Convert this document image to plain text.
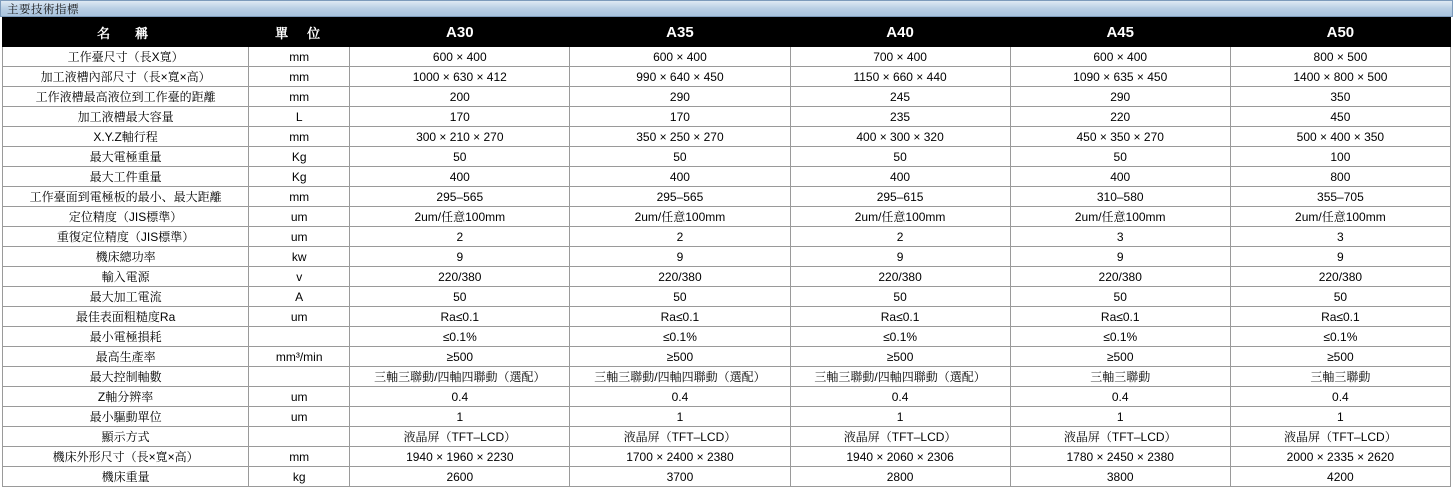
主要技術指標
名　稱	單　位	A30	A35	A40	A45	A50
工作臺尺寸（長X寬）	mm	600 × 400	600 × 400	700 × 400	600 × 400	800 × 500
加工液槽內部尺寸（長×寬×高）	mm	1000 × 630 × 412	990 × 640 × 450	1150 × 660 × 440	1090 × 635 × 450	1400 × 800 × 500
工作液槽最高液位到工作臺的距離	mm	200	290	245	290	350
加工液槽最大容量	L	170	170	235	220	450
X.Y.Z軸行程	mm	300 × 210 × 270	350 × 250 × 270	400 × 300 × 320	450 × 350 × 270	500 × 400 × 350
最大電極重量	Kg	50	50	50	50	100
最大工件重量	Kg	400	400	400	400	800
工作臺面到電極板的最小、最大距離	mm	295–565	295–565	295–615	310–580	355–705
定位精度（JIS標準）	um	2um/任意100mm	2um/任意100mm	2um/任意100mm	2um/任意100mm	2um/任意100mm
重復定位精度（JIS標準）	um	2	2	2	3	3
機床總功率	kw	9	9	9	9	9
輸入電源	v	220/380	220/380	220/380	220/380	220/380
最大加工電流	A	50	50	50	50	50
最佳表面粗糙度Ra	um	Ra≤0.1	Ra≤0.1	Ra≤0.1	Ra≤0.1	Ra≤0.1
最小電極損耗		≤0.1%	≤0.1%	≤0.1%	≤0.1%	≤0.1%
最高生產率	mm³/min	≥500	≥500	≥500	≥500	≥500
最大控制軸數		三軸三聯動/四軸四聯動（選配）	三軸三聯動/四軸四聯動（選配）	三軸三聯動/四軸四聯動（選配）	三軸三聯動	三軸三聯動
Z軸分辨率	um	0.4	0.4	0.4	0.4	0.4
最小驅動單位	um	1	1	1	1	1
顯示方式		液晶屏（TFT–LCD）	液晶屏（TFT–LCD）	液晶屏（TFT–LCD）	液晶屏（TFT–LCD）	液晶屏（TFT–LCD）
機床外形尺寸（長×寬×高）	mm	1940 × 1960 × 2230	1700 × 2400 × 2380	1940 × 2060 × 2306	1780 × 2450 × 2380	2000 × 2335 × 2620
機床重量	kg	2600	3700	2800	3800	4200
